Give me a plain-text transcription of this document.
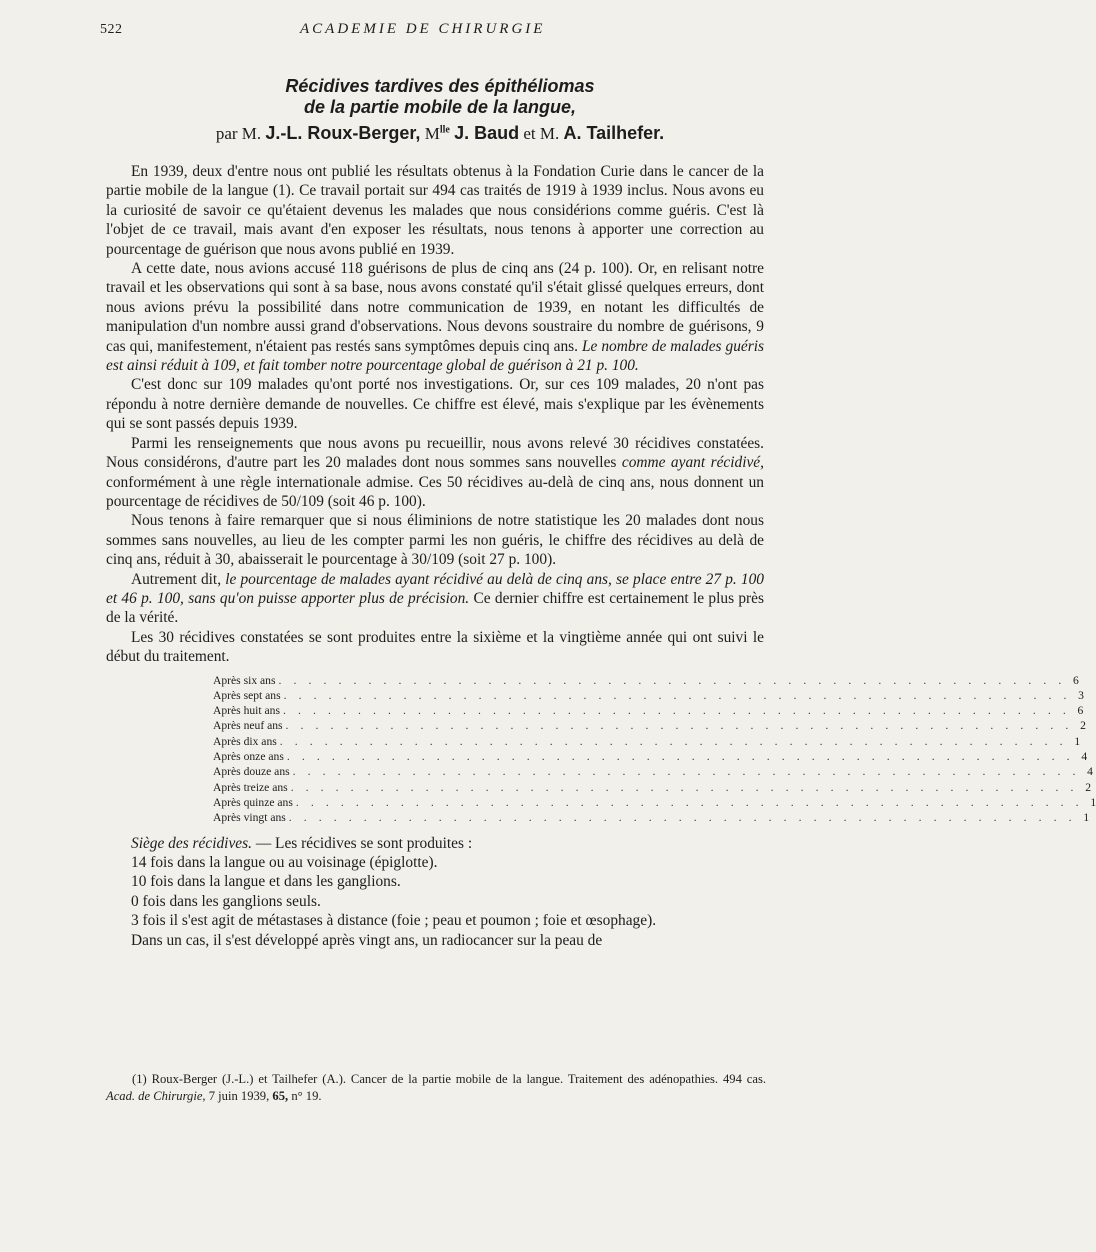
522	ACADEMIE DE CHIRURGIE
Récidives tardives des épithéliomas
de la partie mobile de la langue,
par M. J.-L. Roux-Berger, $M^{lle}$ J. Baud et M. A. Tailhefer.

En 1939, deux d'entre nous ont publié les résultats obtenus à la Fondation Curie dans le cancer de la partie mobile de la langue (1). Ce travail portait sur 494 cas traités de 1919 à 1939 inclus. Nous avons eu la curiosité de savoir ce qu'étaient devenus les malades que nous considérions comme guéris. C'est là l'objet de ce travail, mais avant d'en exposer les résultats, nous tenons à apporter une correction au pourcentage de guérison que nous avons publié en 1939.

A cette date, nous avions accusé 118 guérisons de plus de cinq ans (24 p. 100). Or, en relisant notre travail et les observations qui sont à sa base, nous avons constaté qu'il s'était glissé quelques erreurs, dont nous avions prévu la possibilité dans notre communication de 1939, en notant les difficultés de manipulation d'un nombre aussi grand d'observations. Nous devons soustraire du nombre de guérisons, 9 cas qui, manifestement, n'étaient pas restés sans symptômes depuis cinq ans. Le nombre de malades guéris est ainsi réduit à 109, et fait tomber notre pourcentage global de guérison à 21 p. 100.

C'est donc sur 109 malades qu'ont porté nos investigations. Or, sur ces 109 malades, 20 n'ont pas répondu à notre dernière demande de nouvelles. Ce chiffre est élevé, mais s'explique par les évènements qui se sont passés depuis 1939.

Parmi les renseignements que nous avons pu recueillir, nous avons relevé 30 récidives constatées. Nous considérons, d'autre part les 20 malades dont nous sommes sans nouvelles comme ayant récidivé, conformément à une règle internationale admise. Ces 50 récidives au-delà de cinq ans, nous donnent un pourcentage de récidives de 50/109 (soit 46 p. 100).

Nous tenons à faire remarquer que si nous éliminions de notre statistique les 20 malades dont nous sommes sans nouvelles, au lieu de les compter parmi les non guéris, le chiffre des récidives au delà de cinq ans, réduit à 30, abaisserait le pourcentage à 30/109 (soit 27 p. 100).

Autrement dit, le pourcentage de malades ayant récidivé au delà de cinq ans, se place entre 27 p. 100 et 46 p. 100, sans qu'on puisse apporter plus de précision. Ce dernier chiffre est certainement le plus près de la vérité.

Les 30 récidives constatées se sont produites entre la sixième et la vingtième année qui ont suivi le début du traitement.

Après six ans . . . . . . . . . . . . . . . . . . . . . . . . . . . . . . . . . . . . . . . . . . . . . . . . . . . . . 6
Après sept ans . . . . . . . . . . . . . . . . . . . . . . . . . . . . . . . . . . . . . . . . . . . . . . . . . . . . . 3
Après huit ans . . . . . . . . . . . . . . . . . . . . . . . . . . . . . . . . . . . . . . . . . . . . . . . . . . . . . 6
Après neuf ans . . . . . . . . . . . . . . . . . . . . . . . . . . . . . . . . . . . . . . . . . . . . . . . . . . . . . 2
Après dix ans . . . . . . . . . . . . . . . . . . . . . . . . . . . . . . . . . . . . . . . . . . . . . . . . . . . . . 1
Après onze ans . . . . . . . . . . . . . . . . . . . . . . . . . . . . . . . . . . . . . . . . . . . . . . . . . . . . . 4
Après douze ans . . . . . . . . . . . . . . . . . . . . . . . . . . . . . . . . . . . . . . . . . . . . . . . . . . . . . 4
Après treize ans . . . . . . . . . . . . . . . . . . . . . . . . . . . . . . . . . . . . . . . . . . . . . . . . . . . . . 2
Après quinze ans . . . . . . . . . . . . . . . . . . . . . . . . . . . . . . . . . . . . . . . . . . . . . . . . . . . . . 1
Après vingt ans . . . . . . . . . . . . . . . . . . . . . . . . . . . . . . . . . . . . . . . . . . . . . . . . . . . . . 1

Siège des récidives. — Les récidives se sont produites :

14 fois dans la langue ou au voisinage (épiglotte).

10 fois dans la langue et dans les ganglions.

0 fois dans les ganglions seuls.

3 fois il s'est agit de métastases à distance (foie ; peau et poumon ; foie et œsophage).

Dans un cas, il s'est développé après vingt ans, un radiocancer sur la peau de

(1) Roux-Berger (J.-L.) et Tailhefer (A.). Cancer de la partie mobile de la langue. Traitement des adénopathies. 494 cas. Acad. de Chirurgie, 7 juin 1939, 65, n° 19.
